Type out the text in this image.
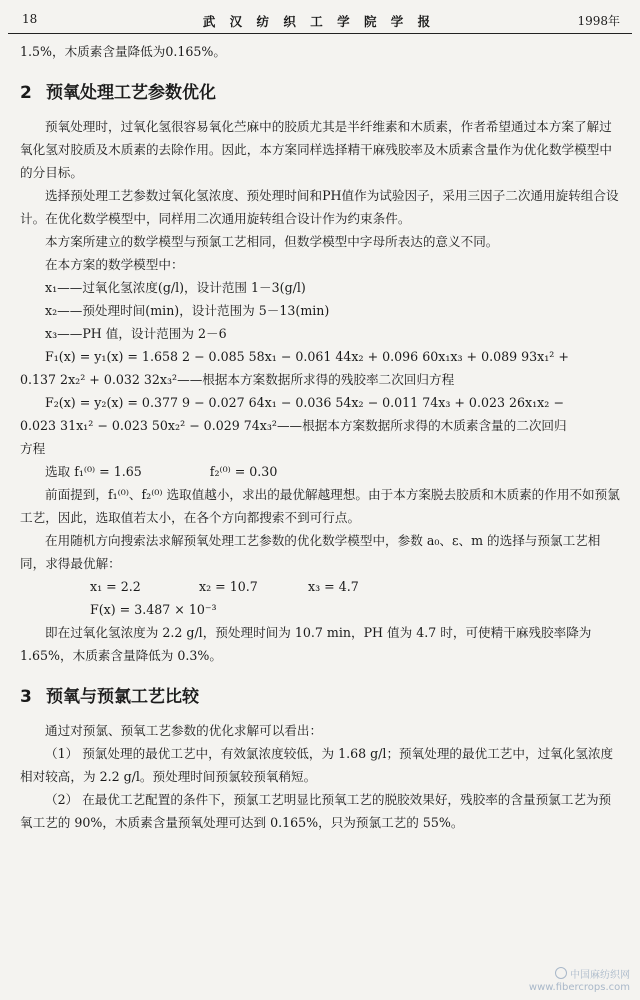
18	武 汉 纺 织 工 学 院 学 报	1998年

1.5%，木质素含量降低为0.165%。

2 预氧处理工艺参数优化

预氧处理时，过氧化氢很容易氧化苎麻中的胶质尤其是半纤维素和木质素，作者希望通过本方案了解过氧化氢对胶质及木质素的去除作用。因此，本方案同样选择精干麻残胶率及木质素含量作为优化数学模型中的分目标。

选择预处理工艺参数过氧化氢浓度、预处理时间和PH值作为试验因子，采用三因子二次通用旋转组合设计。在优化数学模型中，同样用二次通用旋转组合设计作为约束条件。

本方案所建立的数学模型与预氯工艺相同，但数学模型中字母所表达的意义不同。

在本方案的数学模型中：

x₁——过氧化氢浓度(g/l)，设计范围 1－3(g/l)

x₂——预处理时间(min)，设计范围为 5－13(min)

x₃——PH 值，设计范围为 2－6

F₁(x) = y₁(x) = 1.658 2 − 0.085 58x₁ − 0.061 44x₂ + 0.096 60x₁x₃ + 0.089 93x₁² +

0.137 2x₂² + 0.032 32x₃²——根据本方案数据所求得的残胶率二次回归方程

F₂(x) = y₂(x) = 0.377 9 − 0.027 64x₁ − 0.036 54x₂ − 0.011 74x₃ + 0.023 26x₁x₂ −

0.023 31x₁² − 0.023 50x₂² − 0.029 74x₃²——根据本方案数据所求得的木质素含量的二次回归

方程

选取 f₁⁽⁰⁾ = 1.65	f₂⁽⁰⁾ = 0.30

前面提到，f₁⁽⁰⁾、f₂⁽⁰⁾ 选取值越小，求出的最优解越理想。由于本方案脱去胶质和木质素的作用不如预氯工艺，因此，选取值若太小，在各个方向都搜索不到可行点。

在用随机方向搜索法求解预氧处理工艺参数的优化数学模型中，参数 a₀、ε、m 的选择与预氯工艺相同，求得最优解：

x₁ = 2.2	x₂ = 10.7	x₃ = 4.7

F(x) = 3.487 × 10⁻³

即在过氧化氢浓度为 2.2 g/l，预处理时间为 10.7 min，PH 值为 4.7 时，可使精干麻残胶率降为 1.65%，木质素含量降低为 0.3%。

3 预氧与预氯工艺比较

通过对预氯、预氧工艺参数的优化求解可以看出：

（1） 预氯处理的最优工艺中，有效氯浓度较低，为 1.68 g/l；预氧处理的最优工艺中，过氧化氢浓度相对较高，为 2.2 g/l。预处理时间预氯较预氧稍短。

（2） 在最优工艺配置的条件下，预氯工艺明显比预氧工艺的脱胶效果好，残胶率的含量预氯工艺为预氧工艺的 90%，木质素含量预氧处理可达到 0.165%，只为预氯工艺的 55%。

中国麻纺织网
www.fibercrops.com
